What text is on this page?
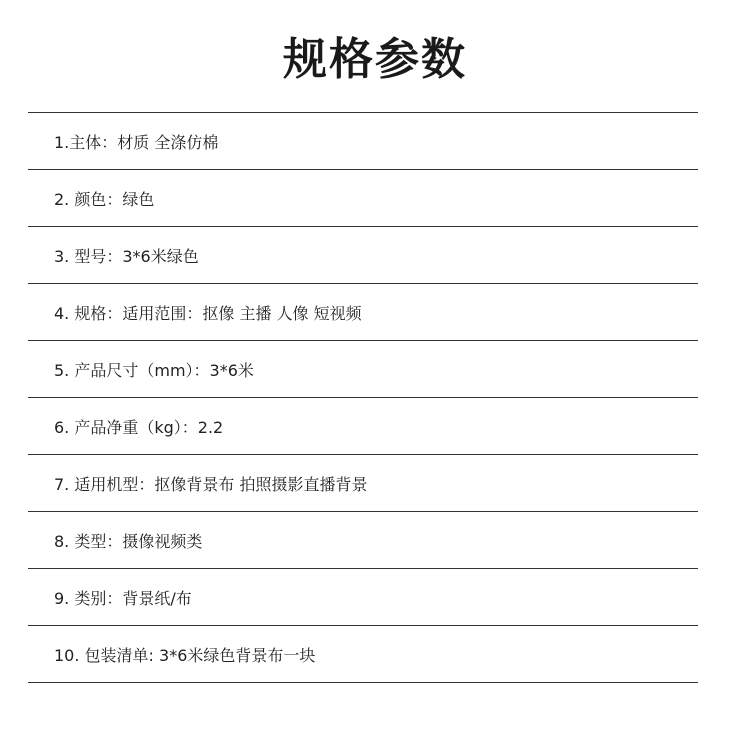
规格参数
1.主体：材质 全涤仿棉
2. 颜色：绿色
3. 型号：3*6米绿色
4. 规格：适用范围：抠像 主播 人像 短视频
5. 产品尺寸（mm）：3*6米
6. 产品净重（kg）：2.2
7. 适用机型：抠像背景布 拍照摄影直播背景
8. 类型：摄像视频类
9. 类别：背景纸/布
10. 包装清单: 3*6米绿色背景布一块
